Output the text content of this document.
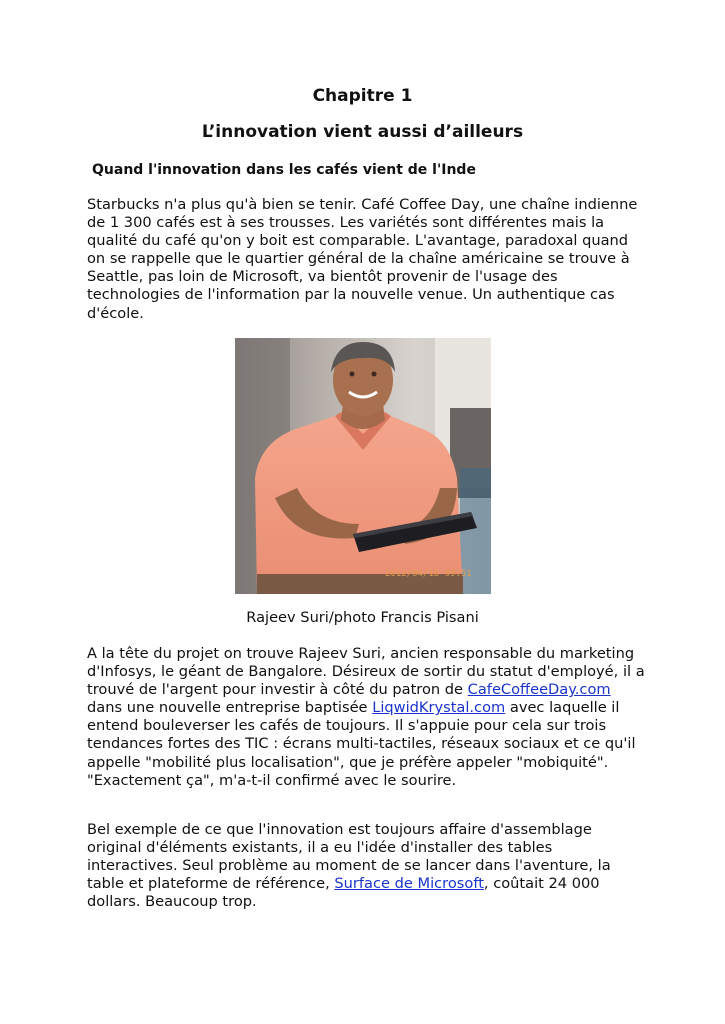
Chapitre 1
L’innovation vient aussi d’ailleurs
Quand l'innovation dans les cafés vient de l'Inde

Starbucks n'a plus qu'à bien se tenir. Café Coffee Day, une chaîne indienne de 1 300 cafés est à ses trousses. Les variétés sont différentes mais la qualité du café qu'on y boit est comparable. L'avantage, paradoxal quand on se rappelle que le quartier général de la chaîne américaine se trouve à Seattle, pas loin de Microsoft, va bientôt provenir de l'usage des technologies de l'information par la nouvelle venue. Un authentique cas d'école.

2012/04/18 09:51
Rajeev Suri/photo Francis Pisani

A la tête du projet on trouve Rajeev Suri, ancien responsable du marketing d'Infosys, le géant de Bangalore. Désireux de sortir du statut d'employé, il a trouvé de l'argent pour investir à côté du patron de CafeCoffeeDay.com dans une nouvelle entreprise baptisée LiqwidKrystal.com avec laquelle il entend bouleverser les cafés de toujours. Il s'appuie pour cela sur trois tendances fortes des TIC : écrans multi-tactiles, réseaux sociaux et ce qu'il appelle "mobilité plus localisation", que je préfère appeler "mobiquité". "Exactement ça", m'a-t-il confirmé avec le sourire.

Bel exemple de ce que l'innovation est toujours affaire d'assemblage original d'éléments existants, il a eu l'idée d'installer des tables interactives. Seul problème au moment de se lancer dans l'aventure, la table et plateforme de référence, Surface de Microsoft, coûtait 24 000 dollars. Beaucoup trop.
